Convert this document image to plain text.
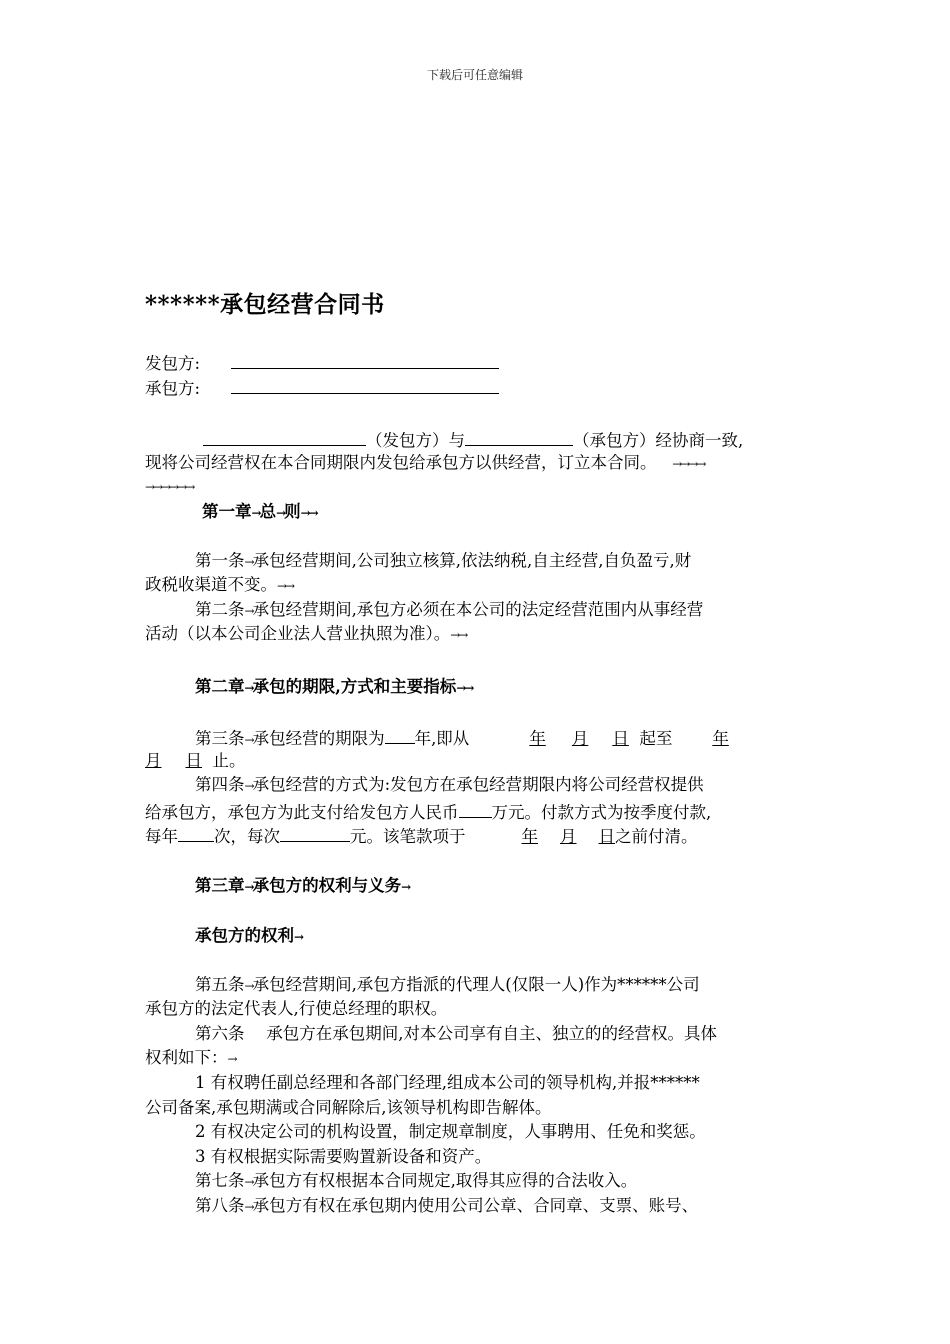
下载后可任意编辑
******承包经营合同书
发包方:
承包方:
（发包方）与	（承包方）经协商一致,
现将公司经营权在本合同期限内发包给承包方以供经营，订立本合同。 →→→→
→→→→→→
第一章→总→则→→
第一条→承包经营期间,公司独立核算,依法纳税,自主经营,自负盈亏,财
政税收渠道不变。→→
第二条→承包经营期间,承包方必须在本公司的法定经营范围内从事经营
活动（以本公司企业法人营业执照为准）。→→
第二章→承包的期限,方式和主要指标→→
第三条→承包经营的期限为 年,即从	年 月 日 起至 年
月 日 止。
第四条→承包经营的方式为:发包方在承包经营期限内将公司经营权提供
给承包方，承包方为此支付给发包方人民币 万元。付款方式为按季度付款,
每年 次，每次	元。该笔款项于	年 月 日之前付清。
第三章→承包方的权利与义务→
承包方的权利→
第五条→承包经营期间,承包方指派的代理人(仅限一人)作为******公司
承包方的法定代表人,行使总经理的职权。
第六条　 承包方在承包期间,对本公司享有自主、独立的的经营权。具体
权利如下：→
1 有权聘任副总经理和各部门经理,组成本公司的领导机构,并报******
公司备案,承包期满或合同解除后,该领导机构即告解体。
2 有权决定公司的机构设置，制定规章制度，人事聘用、任免和奖惩。
3 有权根据实际需要购置新设备和资产。
第七条→承包方有权根据本合同规定,取得其应得的合法收入。
第八条→承包方有权在承包期内使用公司公章、合同章、支票、账号、
